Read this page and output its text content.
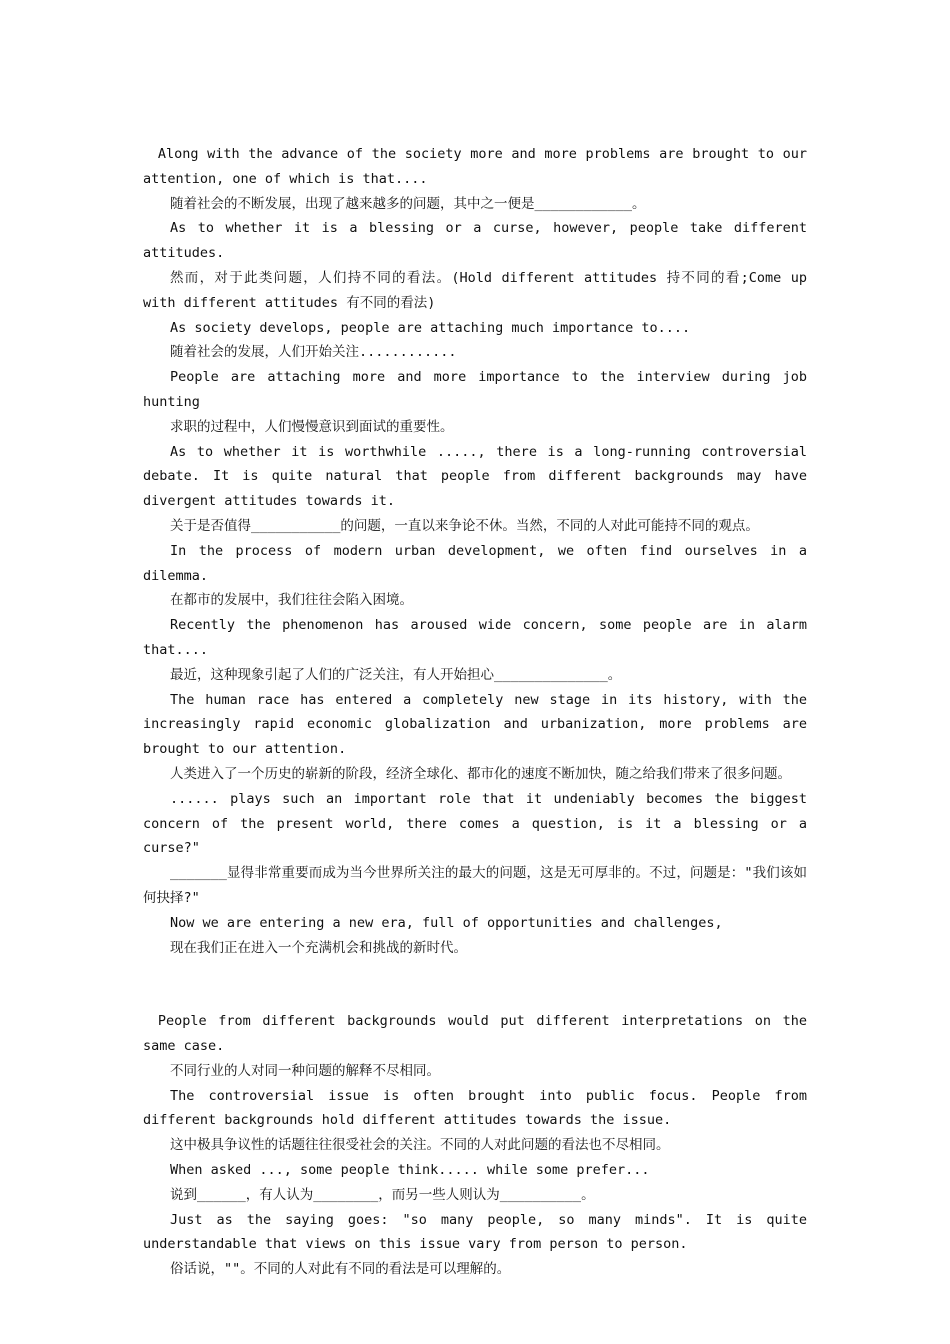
Along with the advance of the society more and more problems are brought to our attention, one of which is that....

随着社会的不断发展，出现了越来越多的问题，其中之一便是____________。

As to whether it is a blessing or a curse, however, people take different attitudes.

然而，对于此类问题，人们持不同的看法。(Hold different attitudes 持不同的看;Come up with different attitudes 有不同的看法)

As society develops, people are attaching much importance to....

随着社会的发展，人们开始关注............

People are attaching more and more importance to the interview during job hunting

求职的过程中，人们慢慢意识到面试的重要性。

As to whether it is worthwhile ....., there is a long-running controversial debate. It is quite natural that people from different backgrounds may have divergent attitudes towards it.

关于是否值得___________的问题，一直以来争论不休。当然，不同的人对此可能持不同的观点。

In the process of modern urban development, we often find ourselves in a dilemma.

在都市的发展中，我们往往会陷入困境。

Recently the phenomenon has aroused wide concern, some people are in alarm that....

最近，这种现象引起了人们的广泛关注，有人开始担心______________。

The human race has entered a completely new stage in its history, with the increasingly rapid economic globalization and urbanization, more problems are brought to our attention.

人类进入了一个历史的崭新的阶段，经济全球化、都市化的速度不断加快，随之给我们带来了很多问题。

...... plays such an important role that it undeniably becomes the biggest concern of the present world, there comes a question, is it a blessing or a curse?"

_______显得非常重要而成为当今世界所关注的最大的问题，这是无可厚非的。不过，问题是："我们该如何抉择?"

Now we are entering a new era, full of opportunities and challenges,

现在我们正在进入一个充满机会和挑战的新时代。

People from different backgrounds would put different interpretations on the same case.

不同行业的人对同一种问题的解释不尽相同。

The controversial issue is often brought into public focus. People from different backgrounds hold different attitudes towards the issue.

这中极具争议性的话题往往很受社会的关注。不同的人对此问题的看法也不尽相同。

When asked ..., some people think..... while some prefer...

说到______，有人认为________，而另一些人则认为__________。

Just as the saying goes: "so many people, so many minds". It is quite understandable that views on this issue vary from person to person.

俗话说，""。不同的人对此有不同的看法是可以理解的。
